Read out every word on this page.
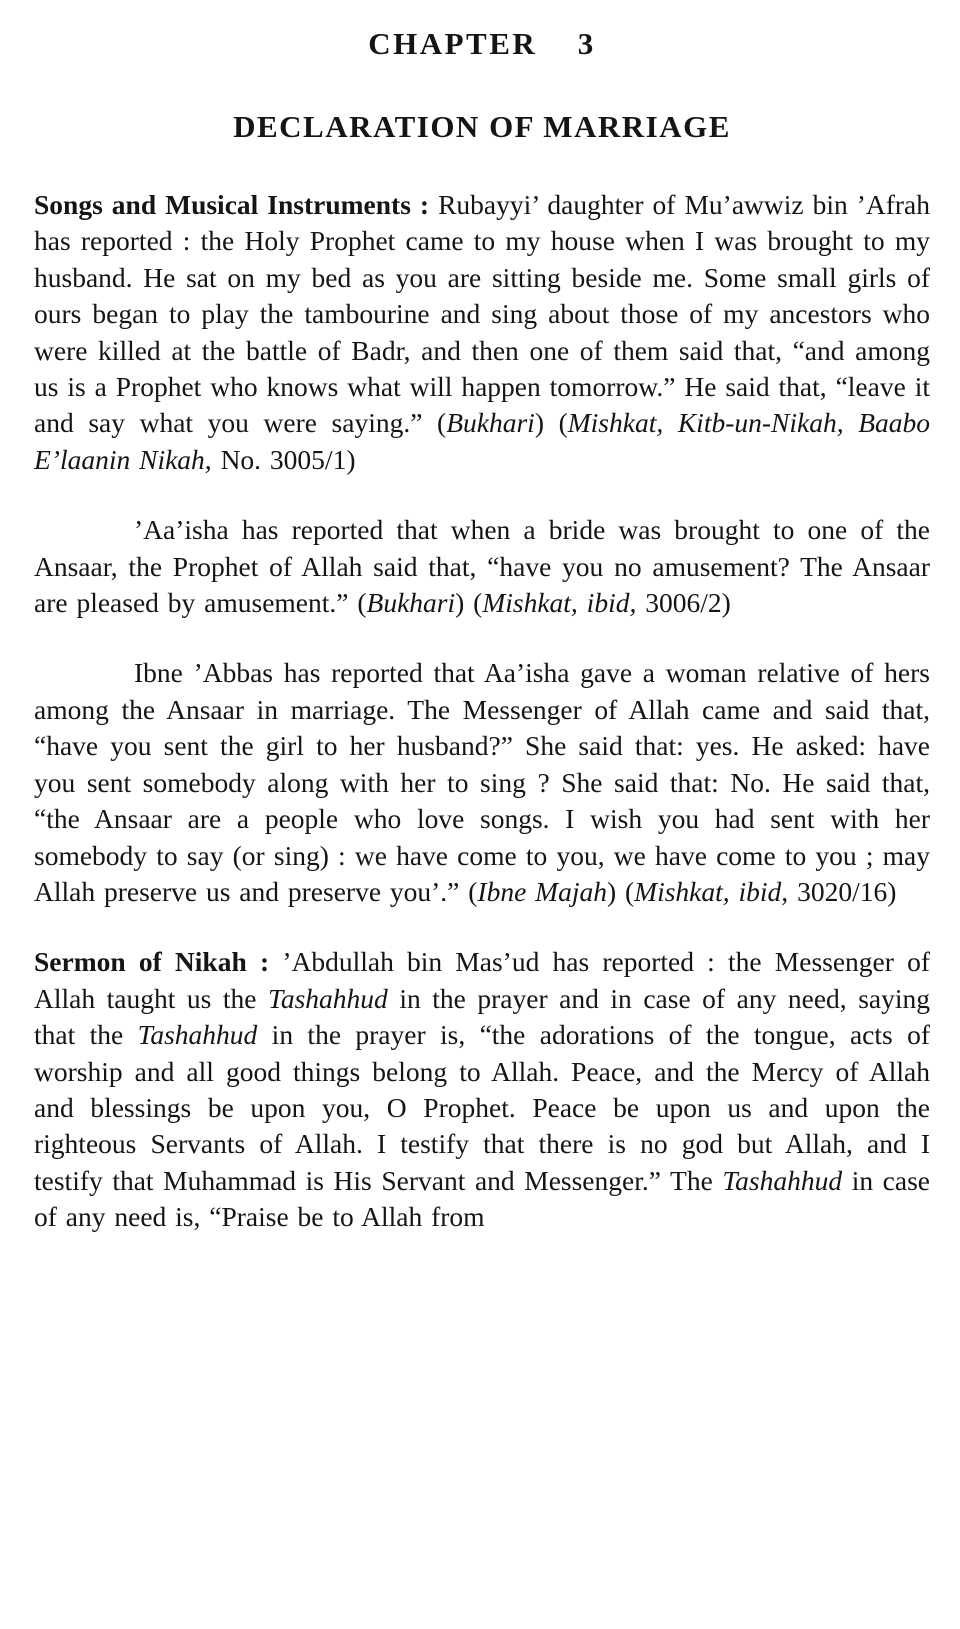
CHAPTER  3
DECLARATION OF MARRIAGE

Songs and Musical Instruments : Rubayyi’ daughter of Mu’awwiz bin ’Afrah has reported : the Holy Prophet came to my house when I was brought to my husband. He sat on my bed as you are sitting beside me. Some small girls of ours began to play the tambourine and sing about those of my ancestors who were killed at the battle of Badr, and then one of them said that, “and among us is a Prophet who knows what will happen tomorrow.” He said that, “leave it and say what you were saying.” (Bukhari) (Mishkat, Kitb-un-Nikah, Baabo E’laanin Nikah, No. 3005/1)

’Aa’isha has reported that when a bride was brought to one of the Ansaar, the Prophet of Allah said that, “have you no amusement? The Ansaar are pleased by amusement.” (Bukhari) (Mishkat, ibid, 3006/2)

Ibne ’Abbas has reported that Aa’isha gave a woman relative of hers among the Ansaar in marriage. The Messenger of Allah came and said that, “have you sent the girl to her husband?” She said that: yes. He asked: have you sent somebody along with her to sing ? She said that: No. He said that, “the Ansaar are a people who love songs. I wish you had sent with her somebody to say (or sing) : we have come to you, we have come to you ; may Allah preserve us and preserve you’.” (Ibne Majah) (Mishkat, ibid, 3020/16)

Sermon of Nikah : ’Abdullah bin Mas’ud has reported : the Messenger of Allah taught us the Tashahhud in the prayer and in case of any need, saying that the Tashahhud in the prayer is, “the adorations of the tongue, acts of worship and all good things belong to Allah. Peace, and the Mercy of Allah and blessings be upon you, O Prophet. Peace be upon us and upon the righteous Servants of Allah. I testify that there is no god but Allah, and I testify that Muhammad is His Servant and Messenger.” The Tashahhud in case of any need is, “Praise be to Allah from
